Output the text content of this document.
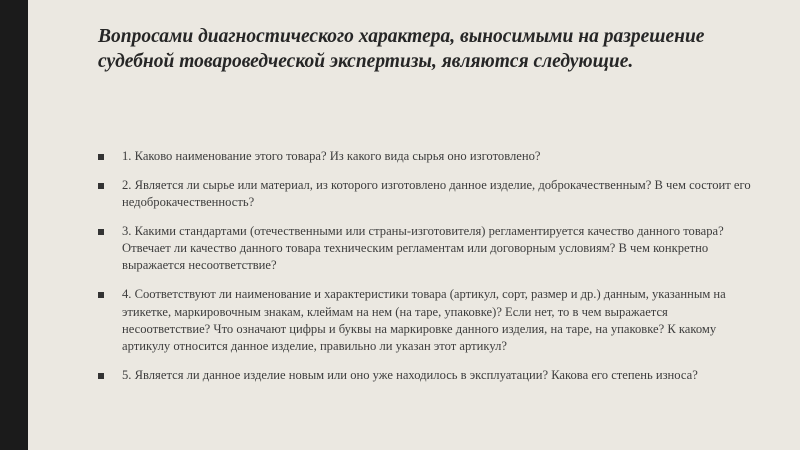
Вопросами диагностического характера, выносимыми на разрешение судебной товароведческой экспертизы, являются следующие.
1. Каково наименование этого товара? Из какого вида сырья оно изготовлено?
2. Является ли сырье или материал, из которого изготовлено данное изделие, доброкачественным? В чем состоит его недоброкачественность?
3. Какими стандартами (отечественными или страны-изготовителя) регламентируется качество данного товара? Отвечает ли качество данного товара техническим регламентам или договорным условиям? В чем конкретно выражается несоответствие?
4. Соответствуют ли наименование и характеристики товара (артикул, сорт, размер и др.) данным, указанным на этикетке, маркировочным знакам, клеймам на нем (на таре, упаковке)? Если нет, то в чем выражается несоответствие? Что означают цифры и буквы на маркировке данного изделия, на таре, на упаковке? К какому артикулу относится данное изделие, правильно ли указан этот артикул?
5. Является ли данное изделие новым или оно уже находилось в эксплуатации? Какова его степень износа?
